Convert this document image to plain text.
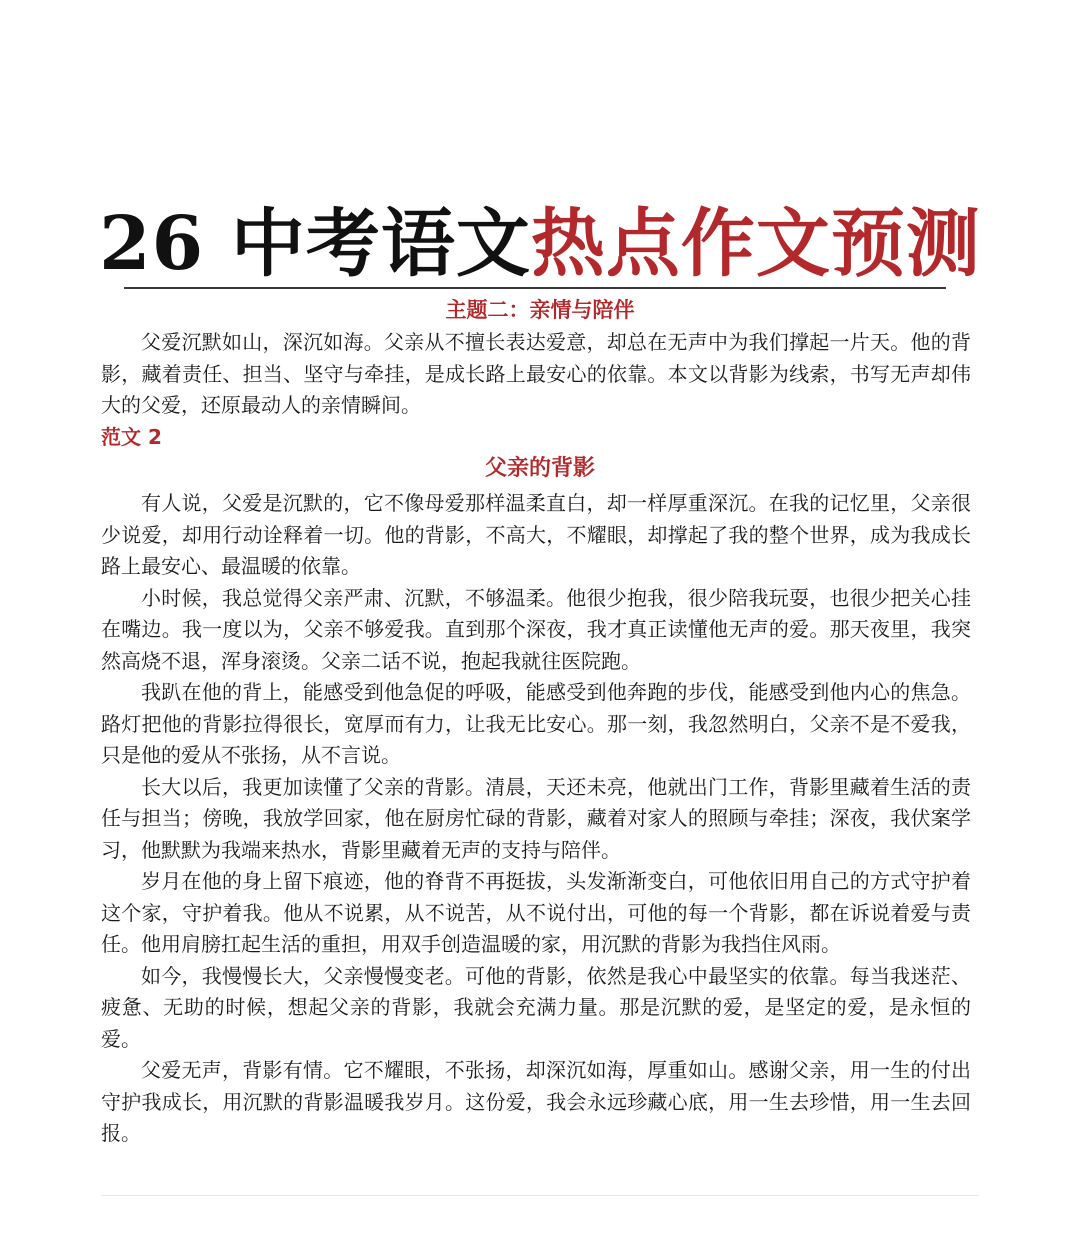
26 中考语文热点作文预测
主题二：亲情与陪伴

父爱沉默如山，深沉如海。父亲从不擅长表达爱意，却总在无声中为我们撑起一片天。他的背影，藏着责任、担当、坚守与牵挂，是成长路上最安心的依靠。本文以背影为线索，书写无声却伟大的父爱，还原最动人的亲情瞬间。

范文 2
父亲的背影

有人说，父爱是沉默的，它不像母爱那样温柔直白，却一样厚重深沉。在我的记忆里，父亲很少说爱，却用行动诠释着一切。他的背影，不高大，不耀眼，却撑起了我的整个世界，成为我成长路上最安心、最温暖的依靠。

小时候，我总觉得父亲严肃、沉默，不够温柔。他很少抱我，很少陪我玩耍，也很少把关心挂在嘴边。我一度以为，父亲不够爱我。直到那个深夜，我才真正读懂他无声的爱。那天夜里，我突然高烧不退，浑身滚烫。父亲二话不说，抱起我就往医院跑。

我趴在他的背上，能感受到他急促的呼吸，能感受到他奔跑的步伐，能感受到他内心的焦急。路灯把他的背影拉得很长，宽厚而有力，让我无比安心。那一刻，我忽然明白，父亲不是不爱我，只是他的爱从不张扬，从不言说。

长大以后，我更加读懂了父亲的背影。清晨，天还未亮，他就出门工作，背影里藏着生活的责任与担当；傍晚，我放学回家，他在厨房忙碌的背影，藏着对家人的照顾与牵挂；深夜，我伏案学习，他默默为我端来热水，背影里藏着无声的支持与陪伴。

岁月在他的身上留下痕迹，他的脊背不再挺拔，头发渐渐变白，可他依旧用自己的方式守护着这个家，守护着我。他从不说累，从不说苦，从不说付出，可他的每一个背影，都在诉说着爱与责任。他用肩膀扛起生活的重担，用双手创造温暖的家，用沉默的背影为我挡住风雨。

如今，我慢慢长大，父亲慢慢变老。可他的背影，依然是我心中最坚实的依靠。每当我迷茫、疲惫、无助的时候，想起父亲的背影，我就会充满力量。那是沉默的爱，是坚定的爱，是永恒的爱。

父爱无声，背影有情。它不耀眼，不张扬，却深沉如海，厚重如山。感谢父亲，用一生的付出守护我成长，用沉默的背影温暖我岁月。这份爱，我会永远珍藏心底，用一生去珍惜，用一生去回报。
